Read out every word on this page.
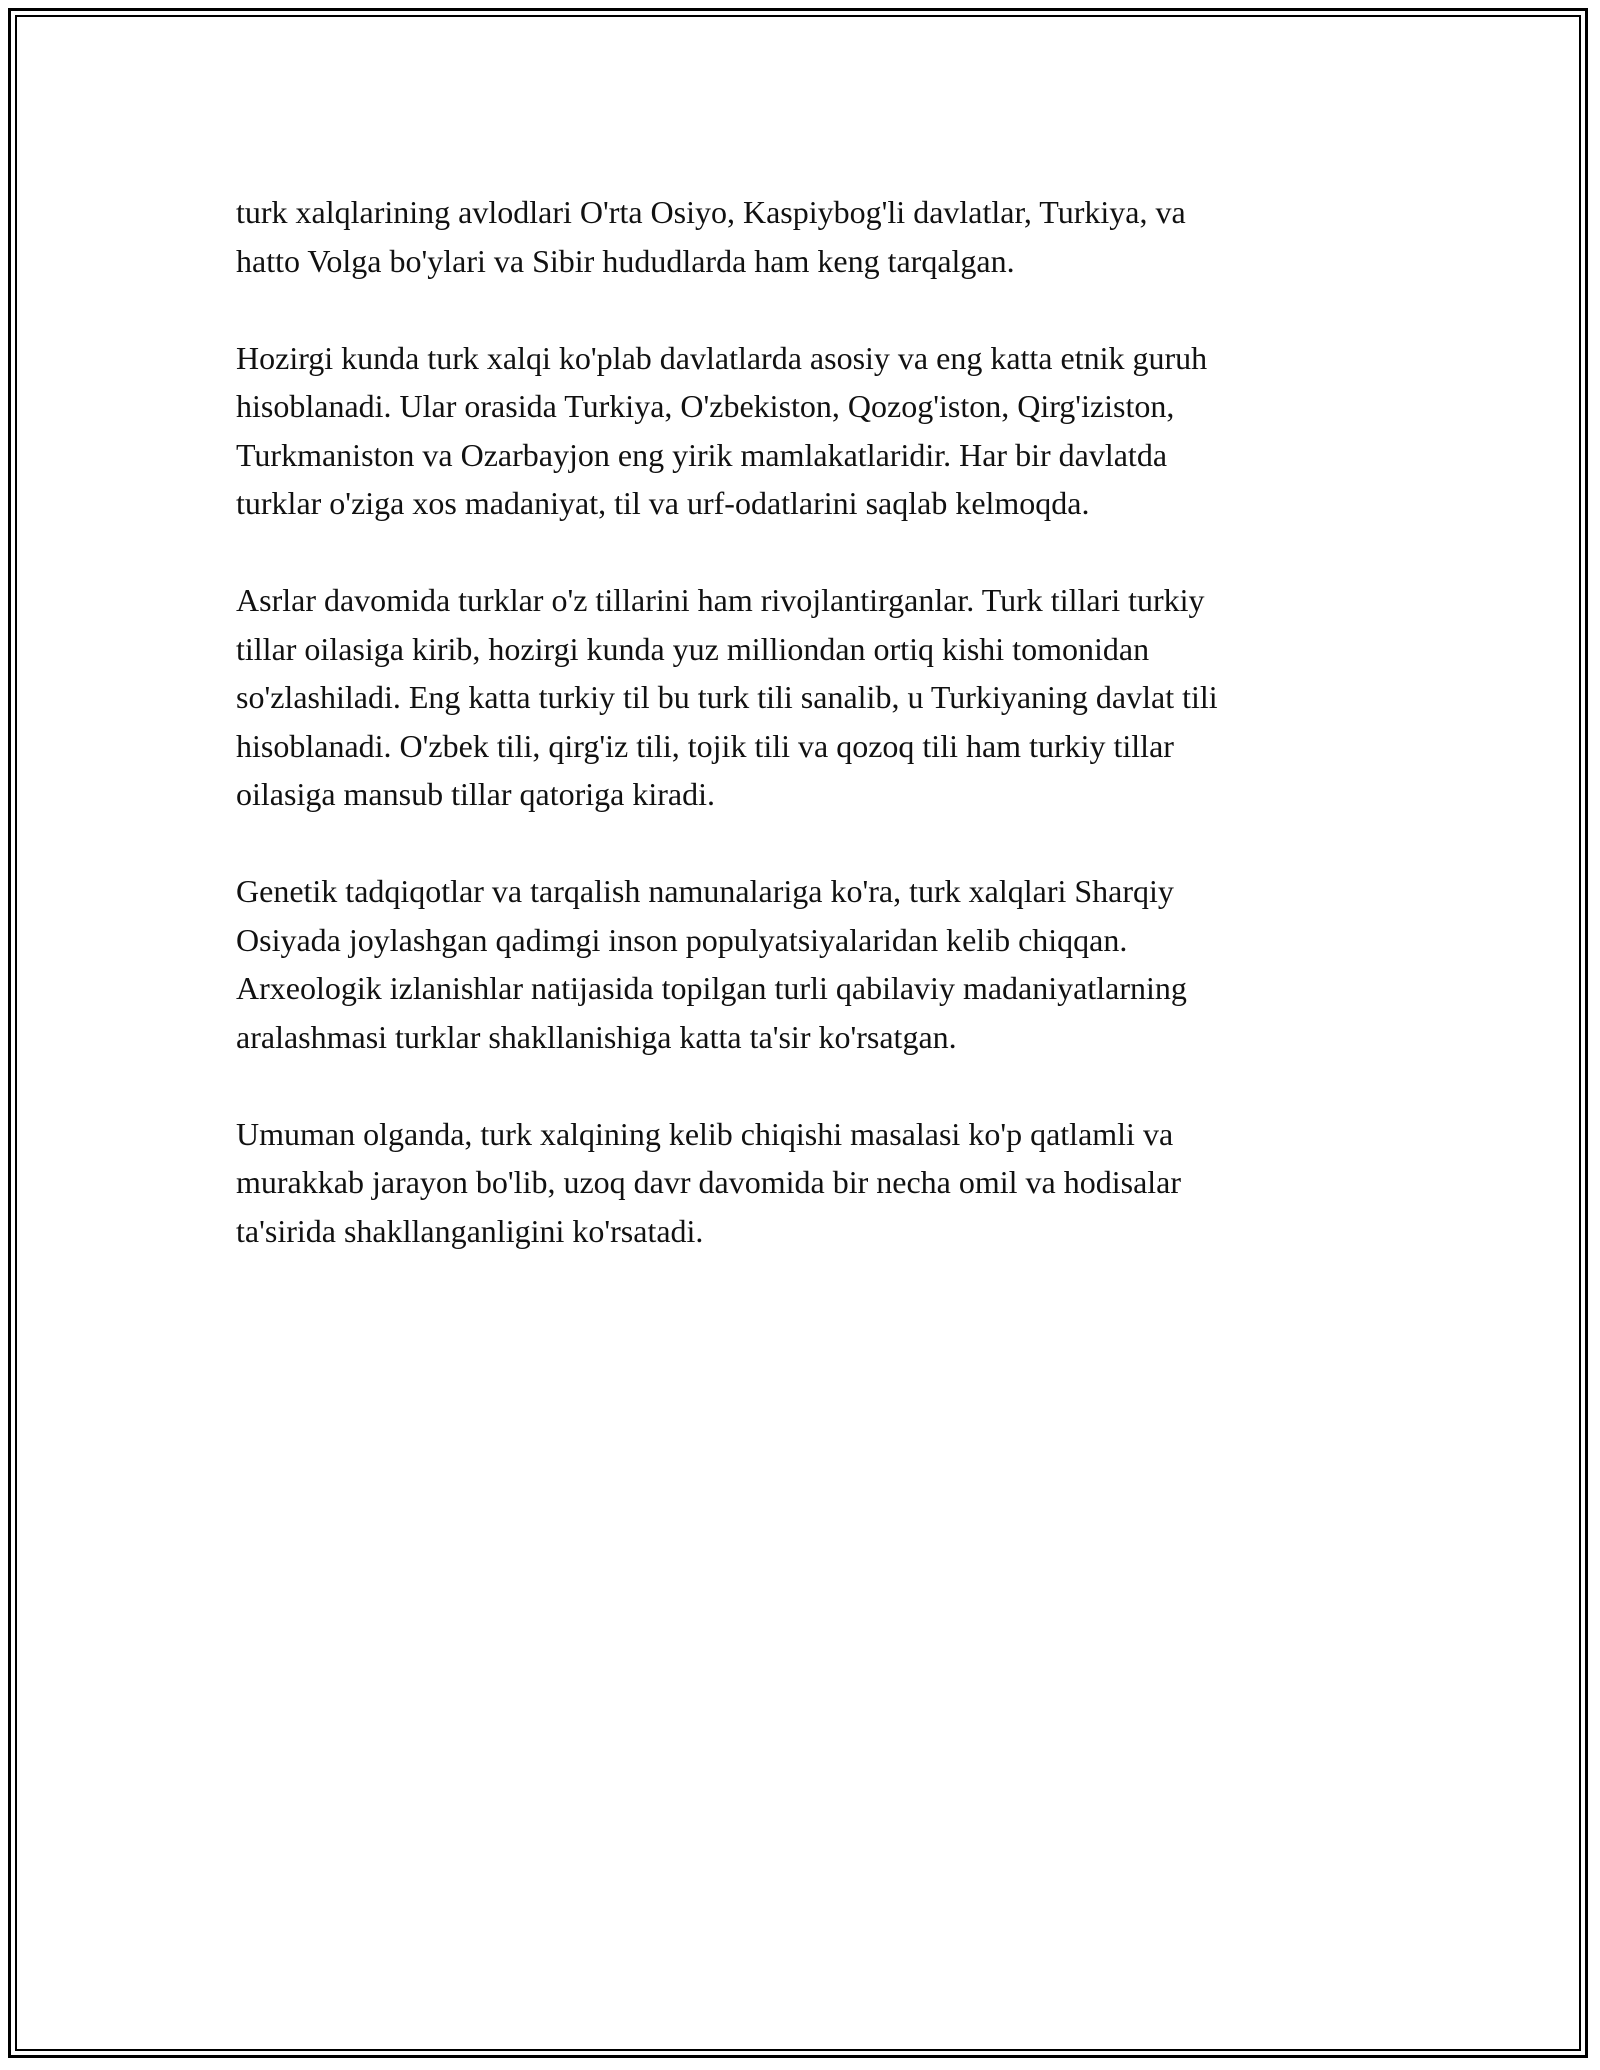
turk xalqlarining avlodlari O'rta Osiyo, Kaspiybog'li davlatlar, Turkiya, va
hatto Volga bo'ylari va Sibir hududlarda ham keng tarqalgan.

Hozirgi kunda turk xalqi ko'plab davlatlarda asosiy va eng katta etnik guruh
hisoblanadi. Ular orasida Turkiya, O'zbekiston, Qozog'iston, Qirg'iziston,
Turkmaniston va Ozarbayjon eng yirik mamlakatlaridir. Har bir davlatda
turklar o'ziga xos madaniyat, til va urf-odatlarini saqlab kelmoqda.

Asrlar davomida turklar o'z tillarini ham rivojlantirganlar. Turk tillari turkiy
tillar oilasiga kirib, hozirgi kunda yuz milliondan ortiq kishi tomonidan
so'zlashiladi. Eng katta turkiy til bu turk tili sanalib, u Turkiyaning davlat tili
hisoblanadi. O'zbek tili, qirg'iz tili, tojik tili va qozoq tili ham turkiy tillar
oilasiga mansub tillar qatoriga kiradi.

Genetik tadqiqotlar va tarqalish namunalariga ko'ra, turk xalqlari Sharqiy
Osiyada joylashgan qadimgi inson populyatsiyalaridan kelib chiqqan.
Arxeologik izlanishlar natijasida topilgan turli qabilaviy madaniyatlarning
aralashmasi turklar shakllanishiga katta ta'sir ko'rsatgan.

Umuman olganda, turk xalqining kelib chiqishi masalasi ko'p qatlamli va
murakkab jarayon bo'lib, uzoq davr davomida bir necha omil va hodisalar
ta'sirida shakllanganligini ko'rsatadi.
